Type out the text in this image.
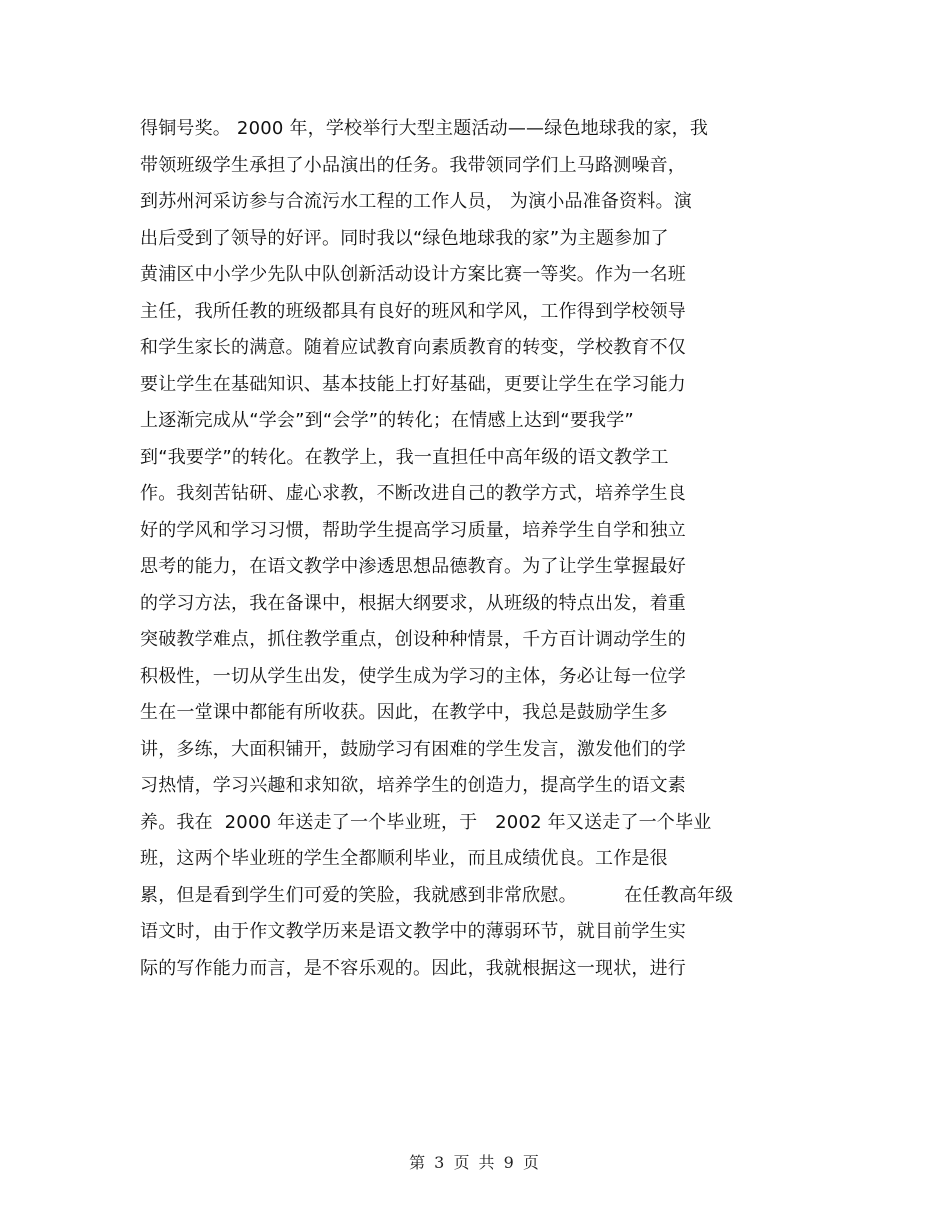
得铜号奖。 2000 年，学校举行大型主题活动——绿色地球我的家，我
带领班级学生承担了小品演出的任务。我带领同学们上马路测噪音，
到苏州河采访参与合流污水工程的工作人员， 为演小品准备资料。演
出后受到了领导的好评。同时我以“绿色地球我的家”为主题参加了
黄浦区中小学少先队中队创新活动设计方案比赛一等奖。作为一名班
主任，我所任教的班级都具有良好的班风和学风，工作得到学校领导
和学生家长的满意。随着应试教育向素质教育的转变，学校教育不仅
要让学生在基础知识、基本技能上打好基础，更要让学生在学习能力
上逐渐完成从“学会”到“会学”的转化；在情感上达到“要我学”
到“我要学”的转化。在教学上，我一直担任中高年级的语文教学工
作。我刻苦钻研、虚心求教，不断改进自己的教学方式，培养学生良
好的学风和学习习惯，帮助学生提高学习质量，培养学生自学和独立
思考的能力，在语文教学中渗透思想品德教育。为了让学生掌握最好
的学习方法，我在备课中，根据大纲要求，从班级的特点出发，着重
突破教学难点，抓住教学重点，创设种种情景，千方百计调动学生的
积极性，一切从学生出发，使学生成为学习的主体，务必让每一位学
生在一堂课中都能有所收获。因此，在教学中，我总是鼓励学生多
讲，多练，大面积铺开，鼓励学习有困难的学生发言，激发他们的学
习热情，学习兴趣和求知欲，培养学生的创造力，提高学生的语文素
养。我在  2000 年送走了一个毕业班，于   2002 年又送走了一个毕业
班，这两个毕业班的学生全都顺利毕业，而且成绩优良。工作是很
累，但是看到学生们可爱的笑脸，我就感到非常欣慰。        在任教高年级
语文时，由于作文教学历来是语文教学中的薄弱环节，就目前学生实
际的写作能力而言，是不容乐观的。因此，我就根据这一现状，进行
第 3 页 共 9 页
